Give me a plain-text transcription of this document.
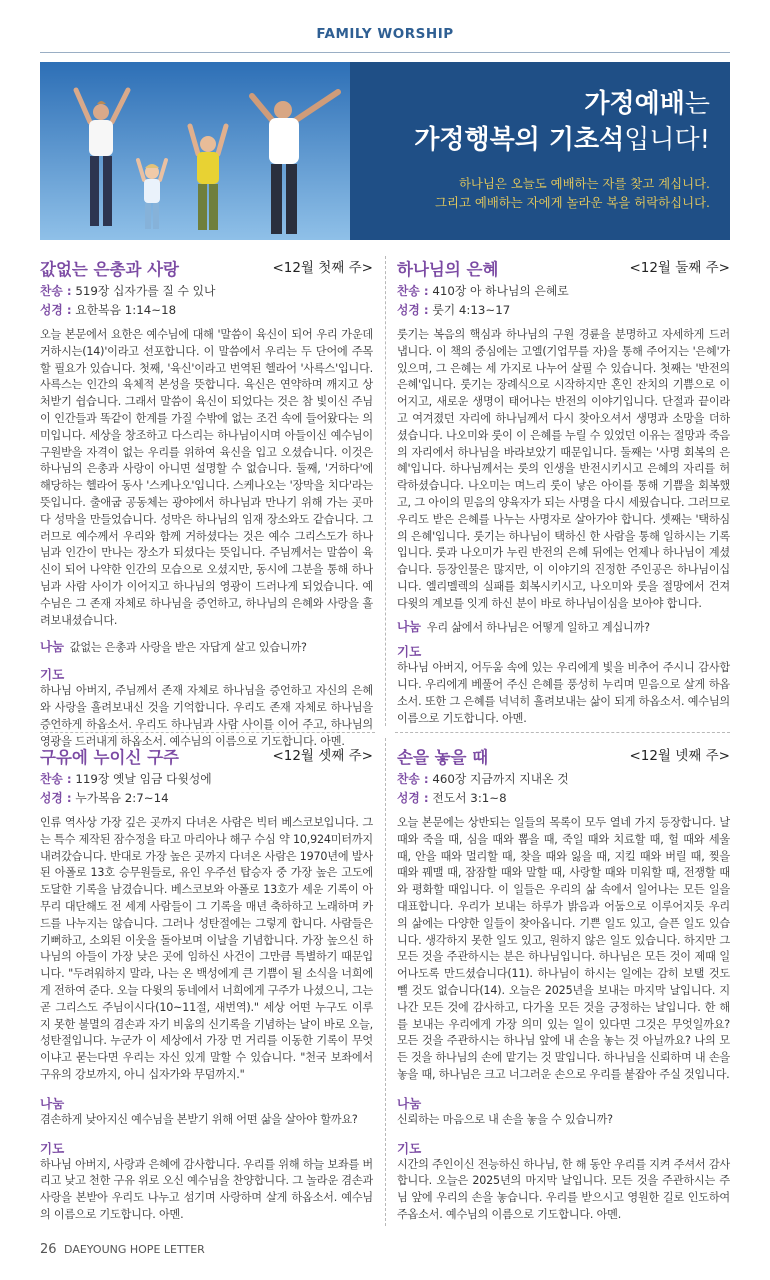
FAMILY WORSHIP
가정예배는
가정행복의 기초석입니다!
하나님은 오늘도 예배하는 자를 찾고 계십니다.
그리고 예배하는 자에게 놀라운 복을 허락하십니다.
값없는 은총과 사랑	<12월 첫째 주>
찬송 : 519장 십자가를 질 수 있나
성경 : 요한복음 1:14~18

오늘 본문에서 요한은 예수님에 대해 '말씀이 육신이 되어 우리 가운데 거하시는(14)'이라고 선포합니다. 이 말씀에서 우리는 두 단어에 주목할 필요가 있습니다. 첫째, '육신'이라고 번역된 헬라어 '사륵스'입니다. 사륵스는 인간의 육체적 본성을 뜻합니다. 육신은 연약하며 깨지고 상처받기 쉽습니다. 그래서 말씀이 육신이 되었다는 것은 참 빛이신 주님이 인간들과 똑같이 한계를 가질 수밖에 없는 조건 속에 들어왔다는 의미입니다. 세상을 창조하고 다스리는 하나님이시며 아들이신 예수님이 구원받을 자격이 없는 우리를 위하여 육신을 입고 오셨습니다. 이것은 하나님의 은총과 사랑이 아니면 설명할 수 없습니다. 둘째, '거하다'에 해당하는 헬라어 동사 '스케나오'입니다. 스케나오는 '장막을 치다'라는 뜻입니다. 출애굽 공동체는 광야에서 하나님과 만나기 위해 가는 곳마다 성막을 만들었습니다. 성막은 하나님의 임재 장소와도 같습니다. 그러므로 예수께서 우리와 함께 거하셨다는 것은 예수 그리스도가 하나님과 인간이 만나는 장소가 되셨다는 뜻입니다. 주님께서는 말씀이 육신이 되어 나약한 인간의 모습으로 오셨지만, 동시에 그분을 통해 하나님과 사람 사이가 이어지고 하나님의 영광이 드러나게 되었습니다. 예수님은 그 존재 자체로 하나님을 증언하고, 하나님의 은혜와 사랑을 흘려보내셨습니다.

나눔 값없는 은총과 사랑을 받은 자답게 살고 있습니까?
기도

하나님 아버지, 주님께서 존재 자체로 하나님을 증언하고 자신의 은혜와 사랑을 흘려보내신 것을 기억합니다. 우리도 존재 자체로 하나님을 증언하게 하옵소서. 우리도 하나님과 사람 사이를 이어 주고, 하나님의 영광을 드러내게 하옵소서. 예수님의 이름으로 기도합니다. 아멘.

하나님의 은혜	<12월 둘째 주>
찬송 : 410장 아 하나님의 은혜로
성경 : 룻기 4:13~17

룻기는 복음의 핵심과 하나님의 구원 경륜을 분명하고 자세하게 드러냅니다. 이 책의 중심에는 고엘(기업무를 자)을 통해 주어지는 '은혜'가 있으며, 그 은혜는 세 가지로 나누어 살필 수 있습니다. 첫째는 '반전의 은혜'입니다. 룻기는 장례식으로 시작하지만 혼인 잔치의 기쁨으로 이어지고, 새로운 생명이 태어나는 반전의 이야기입니다. 단절과 끝이라고 여겨졌던 자리에 하나님께서 다시 찾아오셔서 생명과 소망을 더하셨습니다. 나오미와 룻이 이 은혜를 누릴 수 있었던 이유는 절망과 죽음의 자리에서 하나님을 바라보았기 때문입니다. 둘째는 '사명 회복의 은혜'입니다. 하나님께서는 룻의 인생을 반전시키시고 은혜의 자리를 허락하셨습니다. 나오미는 며느리 룻이 낳은 아이를 통해 기쁨을 회복했고, 그 아이의 믿음의 양육자가 되는 사명을 다시 세웠습니다. 그러므로 우리도 받은 은혜를 나누는 사명자로 살아가야 합니다. 셋째는 '택하심의 은혜'입니다. 룻기는 하나님이 택하신 한 사람을 통해 일하시는 기록입니다. 룻과 나오미가 누린 반전의 은혜 뒤에는 언제나 하나님이 계셨습니다. 등장인물은 많지만, 이 이야기의 진정한 주인공은 하나님이십니다. 엘리멜렉의 실패를 회복시키시고, 나오미와 룻을 절망에서 건져 다윗의 계보를 잇게 하신 분이 바로 하나님이심을 보아야 합니다.

나눔 우리 삶에서 하나님은 어떻게 일하고 계십니까?
기도

하나님 아버지, 어두움 속에 있는 우리에게 빛을 비추어 주시니 감사합니다. 우리에게 베풀어 주신 은혜를 풍성히 누리며 믿음으로 살게 하옵소서. 또한 그 은혜를 넉넉히 흘려보내는 삶이 되게 하옵소서. 예수님의 이름으로 기도합니다. 아멘.

구유에 누이신 구주	<12월 셋째 주>
찬송 : 119장 옛날 임금 다윗성에
성경 : 누가복음 2:7~14

인류 역사상 가장 깊은 곳까지 다녀온 사람은 빅터 베스코보입니다. 그는 특수 제작된 잠수정을 타고 마리아나 해구 수심 약 10,924미터까지 내려갔습니다. 반대로 가장 높은 곳까지 다녀온 사람은 1970년에 발사된 아폴로 13호 승무원들로, 유인 우주선 탑승자 중 가장 높은 고도에 도달한 기록을 남겼습니다. 베스코보와 아폴로 13호가 세운 기록이 아무리 대단해도 전 세계 사람들이 그 기록을 매년 축하하고 노래하며 카드를 나누지는 않습니다. 그러나 성탄절에는 그렇게 합니다. 사람들은 기뻐하고, 소외된 이웃을 돌아보며 이날을 기념합니다. 가장 높으신 하나님의 아들이 가장 낮은 곳에 임하신 사건이 그만큼 특별하기 때문입니다. "두려워하지 말라, 나는 온 백성에게 큰 기쁨이 될 소식을 너희에게 전하여 준다. 오늘 다윗의 동네에서 너희에게 구주가 나셨으니, 그는 곧 그리스도 주님이시다(10~11절, 새번역)." 세상 어떤 누구도 이루지 못한 불멸의 겸손과 자기 비움의 신기록을 기념하는 날이 바로 오늘, 성탄절입니다. 누군가 이 세상에서 가장 먼 거리를 이동한 기록이 무엇이냐고 묻는다면 우리는 자신 있게 말할 수 있습니다. "천국 보좌에서 구유의 강보까지, 아니 십자가와 무덤까지."

나눔

겸손하게 낮아지신 예수님을 본받기 위해 어떤 삶을 살아야 할까요?

기도

하나님 아버지, 사랑과 은혜에 감사합니다. 우리를 위해 하늘 보좌를 버리고 낮고 천한 구유 위로 오신 예수님을 찬양합니다. 그 놀라운 겸손과 사랑을 본받아 우리도 나누고 섬기며 사랑하며 살게 하옵소서. 예수님의 이름으로 기도합니다. 아멘.

손을 놓을 때	<12월 넷째 주>
찬송 : 460장 지금까지 지내온 것
성경 : 전도서 3:1~8

오늘 본문에는 상반되는 일들의 목록이 모두 열네 가지 등장합니다. 날 때와 죽을 때, 심을 때와 뽑을 때, 죽일 때와 치료할 때, 헐 때와 세울 때, 안을 때와 멀리할 때, 찾을 때와 잃을 때, 지킬 때와 버릴 때, 찢을 때와 꿰맬 때, 잠잠할 때와 말할 때, 사랑할 때와 미워할 때, 전쟁할 때와 평화할 때입니다. 이 일들은 우리의 삶 속에서 일어나는 모든 일을 대표합니다. 우리가 보내는 하루가 밝음과 어둠으로 이루어지듯 우리의 삶에는 다양한 일들이 찾아옵니다. 기쁜 일도 있고, 슬픈 일도 있습니다. 생각하지 못한 일도 있고, 원하지 않은 일도 있습니다. 하지만 그 모든 것을 주관하시는 분은 하나님입니다. 하나님은 모든 것이 제때 일어나도록 만드셨습니다(11). 하나님이 하시는 일에는 감히 보탤 것도 뺄 것도 없습니다(14). 오늘은 2025년을 보내는 마지막 날입니다. 지나간 모든 것에 감사하고, 다가올 모든 것을 긍정하는 날입니다. 한 해를 보내는 우리에게 가장 의미 있는 일이 있다면 그것은 무엇일까요? 모든 것을 주관하시는 하나님 앞에 내 손을 놓는 것 아닐까요? 나의 모든 것을 하나님의 손에 맡기는 것 말입니다. 하나님을 신뢰하며 내 손을 놓을 때, 하나님은 크고 너그러운 손으로 우리를 붙잡아 주실 것입니다.

나눔

신뢰하는 마음으로 내 손을 놓을 수 있습니까?

기도

시간의 주인이신 전능하신 하나님, 한 해 동안 우리를 지켜 주셔서 감사합니다. 오늘은 2025년의 마지막 날입니다. 모든 것을 주관하시는 주님 앞에 우리의 손을 놓습니다. 우리를 받으시고 영원한 길로 인도하여 주옵소서. 예수님의 이름으로 기도합니다. 아멘.

26 DAEYOUNG HOPE LETTER
